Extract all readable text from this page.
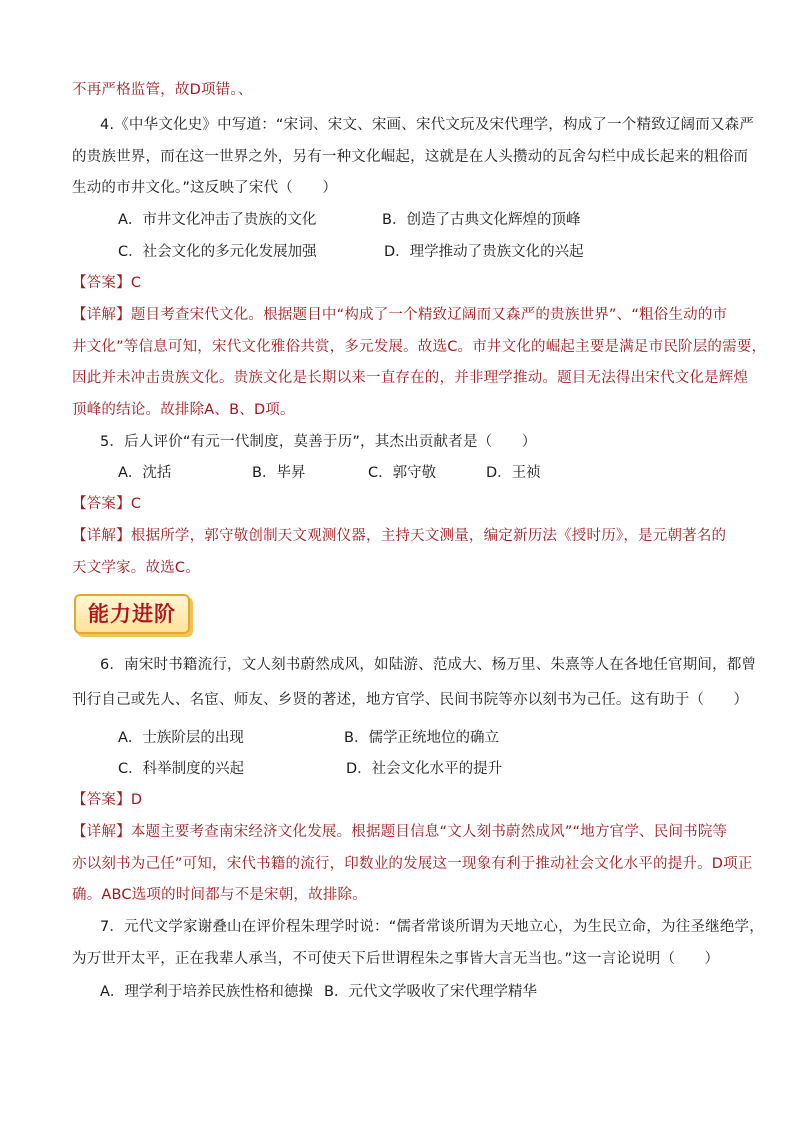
不再严格监管，故D项错。、
4.《中华文化史》中写道：“宋词、宋文、宋画、宋代文玩及宋代理学，构成了一个精致辽阔而又森严
的贵族世界，而在这一世界之外，另有一种文化崛起，这就是在人头攒动的瓦舍勾栏中成长起来的粗俗而
生动的市井文化。”这反映了宋代（　　）
A．市井文化冲击了贵族的文化	B．创造了古典文化辉煌的顶峰
C．社会文化的多元化发展加强	D．理学推动了贵族文化的兴起
【答案】C
【详解】题目考查宋代文化。根据题目中“构成了一个精致辽阔而又森严的贵族世界”、“粗俗生动的市
井文化”等信息可知，宋代文化雅俗共赏，多元发展。故选C。市井文化的崛起主要是满足市民阶层的需要，
因此并未冲击贵族文化。贵族文化是长期以来一直存在的，并非理学推动。题目无法得出宋代文化是辉煌
顶峰的结论。故排除A、B、D项。
5．后人评价“有元一代制度，莫善于历”，其杰出贡献者是（　　）
A．沈括	B．毕昇	C．郭守敬	D．王祯
【答案】C
【详解】根据所学，郭守敬创制天文观测仪器，主持天文测量，编定新历法《授时历》，是元朝著名的
天文学家。故选C。
能力进阶
6．南宋时书籍流行，文人刻书蔚然成风，如陆游、范成大、杨万里、朱熹等人在各地任官期间，都曾
刊行自己或先人、名宦、师友、乡贤的著述，地方官学、民间书院等亦以刻书为己任。这有助于（　　）
A．士族阶层的出现	B．儒学正统地位的确立
C．科举制度的兴起	D．社会文化水平的提升
【答案】D
【详解】本题主要考查南宋经济文化发展。根据题目信息“文人刻书蔚然成风”“地方官学、民间书院等
亦以刻书为己任”可知，宋代书籍的流行，印数业的发展这一现象有利于推动社会文化水平的提升。D项正
确。ABC选项的时间都与不是宋朝，故排除。
7．元代文学家谢叠山在评价程朱理学时说：“儒者常谈所谓为天地立心，为生民立命，为往圣继绝学，
为万世开太平，正在我辈人承当，不可使天下后世谓程朱之事皆大言无当也。”这一言论说明（　　）
A．理学利于培养民族性格和德操 B．元代文学吸收了宋代理学精华
